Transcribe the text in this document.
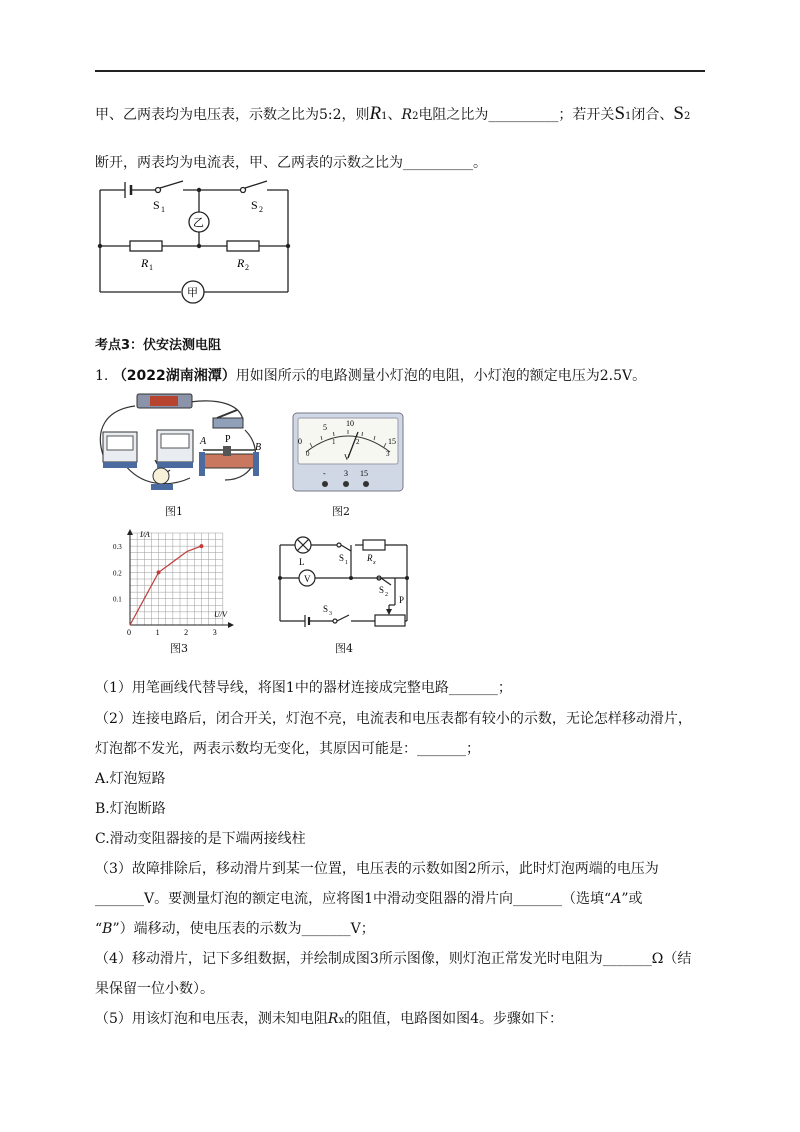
甲、乙两表均为电压表，示数之比为5:2，则R1、R2电阻之比为__________；若开关S1闭合、S2
断开，两表均为电流表，甲、乙两表的示数之比为__________。
S 1	S 2
乙
甲
R 1	R 2
考点3：伏安法测电阻
1. （2022湖南湘潭）用如图所示的电路测量小灯泡的电阻，小灯泡的额定电压为2.5V。
A P
B
图1
0
5 10
15
0
1	2
3
V
- 3 15
图2
0	1	2	3
0.1
0.2
0.3
I/A
U/V
图3
L
V
S 1 R x
S 2
S 3
P
图4
（1）用笔画线代替导线，将图1中的器材连接成完整电路_______；
（2）连接电路后，闭合开关，灯泡不亮，电流表和电压表都有较小的示数，无论怎样移动滑片，
灯泡都不发光，两表示数均无变化，其原因可能是：_______；
A.灯泡短路
B.灯泡断路
C.滑动变阻器接的是下端两接线柱
（3）故障排除后，移动滑片到某一位置，电压表的示数如图2所示，此时灯泡两端的电压为
_______V。要测量灯泡的额定电流，应将图1中滑动变阻器的滑片向_______（选填“A”或
“B”）端移动，使电压表的示数为_______V；
（4）移动滑片，记下多组数据，并绘制成图3所示图像，则灯泡正常发光时电阻为_______Ω（结
果保留一位小数）。
（5）用该灯泡和电压表，测未知电阻Rx的阻值，电路图如图4。步骤如下：
